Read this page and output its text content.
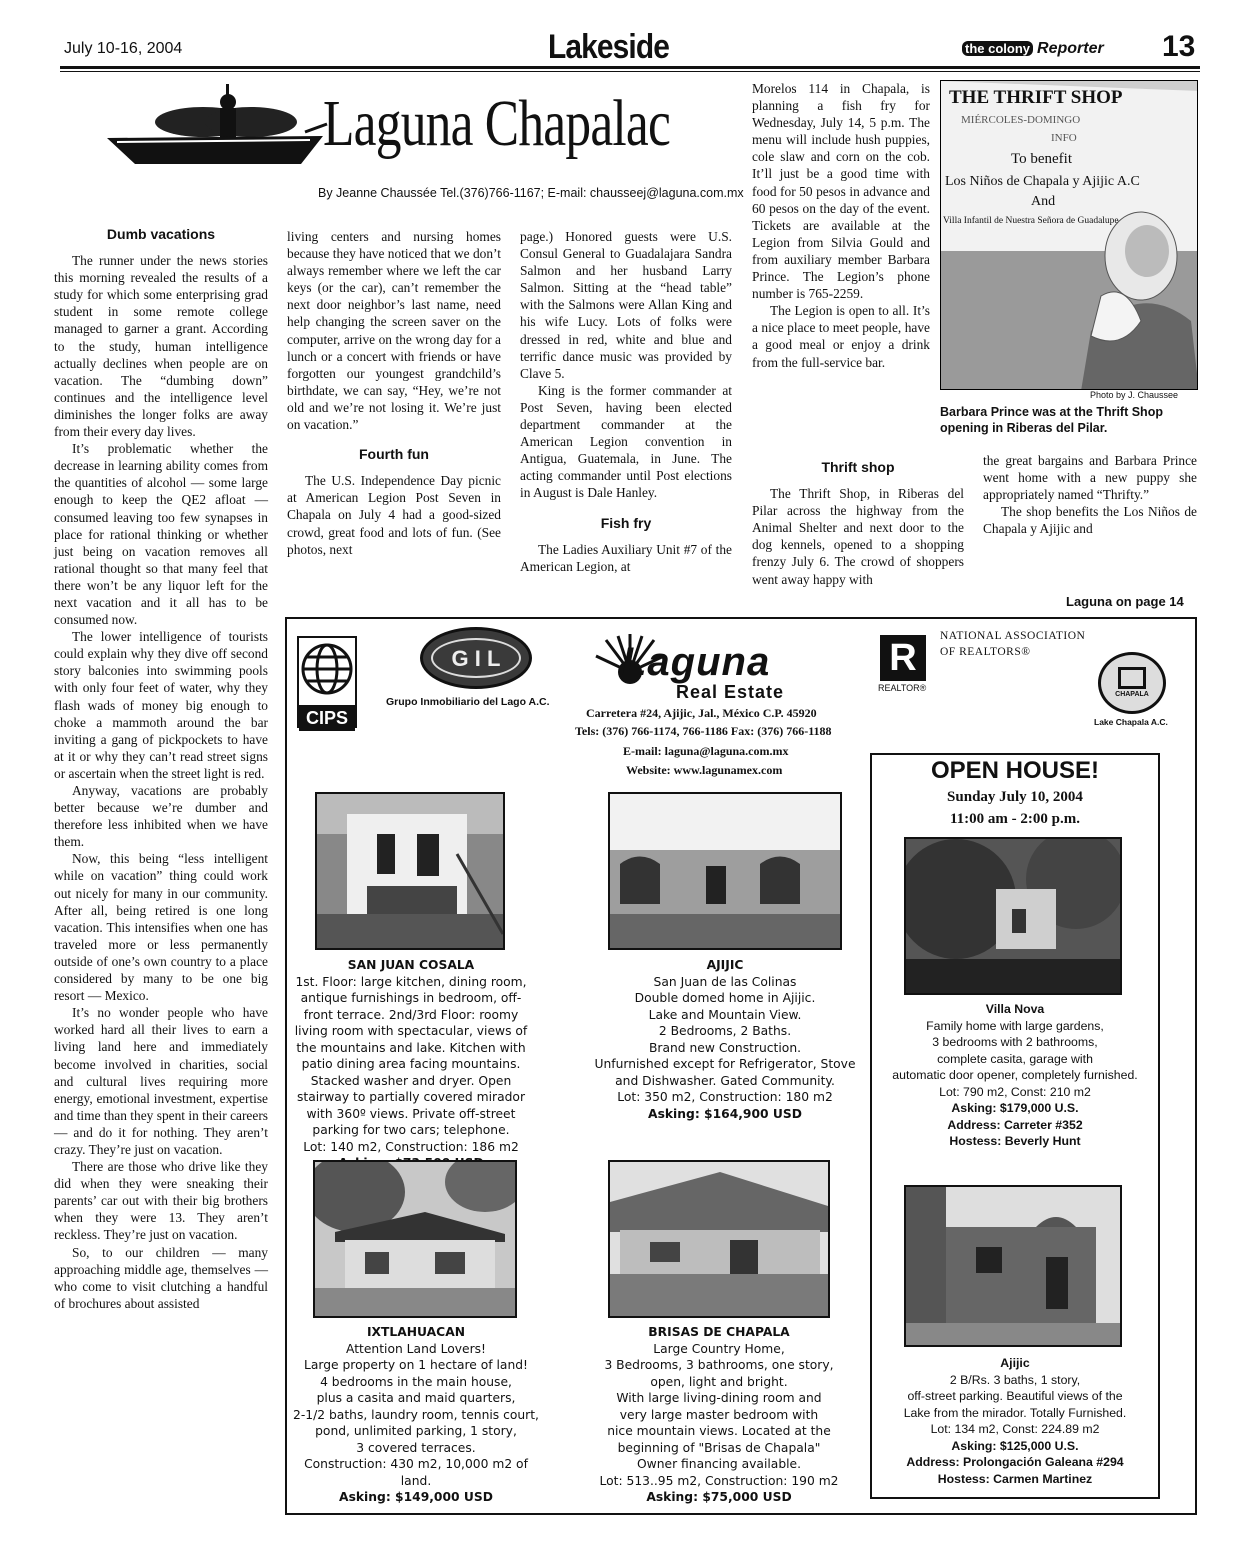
July 10-16, 2004	Lakeside	the colony Reporter 13
Laguna Chapalac
By Jeanne Chaussée Tel.(376)766-1167; E-mail: chausseej@laguna.com.mx
Dumb vacations

The runner under the news stories this morning revealed the results of a study for which some enterprising grad student in some remote college managed to garner a grant. According to the study, human intelligence actually declines when people are on vacation. The “dumbing down” continues and the intelligence level diminishes the longer folks are away from their every day lives.

It’s problematic whether the decrease in learning ability comes from the quantities of alcohol — some large enough to keep the QE2 afloat — consumed leaving too few synapses in place for rational thinking or whether just being on vacation removes all rational thought so that many feel that there won’t be any liquor left for the next vacation and it all has to be consumed now.

The lower intelligence of tourists could explain why they dive off second story balconies into swimming pools with only four feet of water, why they flash wads of money big enough to choke a mammoth around the bar inviting a gang of pickpockets to have at it or why they can’t read street signs or ascertain when the street light is red.

Anyway, vacations are probably better because we’re dumber and therefore less inhibited when we have them.

Now, this being “less intelligent while on vacation” thing could work out nicely for many in our community. After all, being retired is one long vacation. This intensifies when one has traveled more or less permanently outside of one’s own country to a place considered by many to be one big resort — Mexico.

It’s no wonder people who have worked hard all their lives to earn a living land here and immediately become involved in charities, social and cultural lives requiring more energy, emotional investment, expertise and time than they spent in their careers — and do it for nothing. They aren’t crazy. They’re just on vacation.

There are those who drive like they did when they were sneaking their parents’ car out with their big brothers when they were 13. They aren’t reckless. They’re just on vacation.

So, to our children — many approaching middle age, themselves — who come to visit clutching a handful of brochures about assisted

living centers and nursing homes because they have noticed that we don’t always remember where we left the car keys (or the car), can’t remember the next door neighbor’s last name, need help changing the screen saver on the computer, arrive on the wrong day for a lunch or a concert with friends or have forgotten our youngest grandchild’s birthdate, we can say, “Hey, we’re not old and we’re not losing it. We’re just on vacation.”

Fourth fun

The U.S. Independence Day picnic at American Legion Post Seven in Chapala on July 4 had a good-sized crowd, great food and lots of fun. (See photos, next

page.) Honored guests were U.S. Consul General to Guadalajara Sandra Salmon and her husband Larry Salmon. Sitting at the “head table” with the Salmons were Allan King and his wife Lucy. Lots of folks were dressed in red, white and blue and terrific dance music was provided by Clave 5.

King is the former commander at Post Seven, having been elected department commander at the American Legion convention in Antigua, Guatemala, in June. The acting commander until Post elections in August is Dale Hanley.

Fish fry

The Ladies Auxiliary Unit #7 of the American Legion, at

Morelos 114 in Chapala, is planning a fish fry for Wednesday, July 14, 5 p.m. The menu will include hush puppies, cole slaw and corn on the cob. It’ll just be a good time with food for 50 pesos in advance and 60 pesos on the day of the event. Tickets are available at the Legion from Silvia Gould and from auxiliary member Barbara Prince. The Legion’s phone number is 765-2259.

The Legion is open to all. It’s a nice place to meet people, have a good meal or enjoy a drink from the full-service bar.

Thrift shop

The Thrift Shop, in Riberas del Pilar across the highway from the Animal Shelter and next door to the dog kennels, opened to a shopping frenzy July 6. The crowd of shoppers went away happy with

the great bargains and Barbara Prince went home with a new puppy she appropriately named “Thrifty.”

The shop benefits the Los Niños de Chapala y Ajijic and

THE THRIFT SHOP
MIÉRCOLES-DOMINGO
INFO
To benefit
Los Niños de Chapala y Ajijic A.C
And
Villa Infantil de Nuestra Señora de Guadalupe
Photo by J. Chaussee
Barbara Prince was at the Thrift Shop opening in Riberas del Pilar.
Laguna on page 14
CIPS
G I L
Grupo Inmobiliario del Lago A.C.
Laguna
Real Estate
Carretera #24, Ajijic, Jal., México C.P. 45920
Tels: (376) 766-1174, 766-1186 Fax: (376) 766-1188
E-mail: laguna@laguna.com.mx
Website: www.lagunamex.com
R
REALTOR®
NATIONAL ASSOCIATION
OF REALTORS®
CHAPALA
Lake Chapala A.C.
SAN JUAN COSALA
1st. Floor: large kitchen, dining room, antique furnishings in bedroom, off-front terrace. 2nd/3rd Floor: roomy living room with spectacular, views of the mountains and lake. Kitchen with patio dining area facing mountains. Stacked washer and dryer. Open stairway to partially covered mirador with 360º views. Private off-street parking for two cars; telephone.
Lot: 140 m2, Construction: 186 m2
AJIJIC
San Juan de las Colinas
Double domed home in Ajijic.
Lake and Mountain View.
2 Bedrooms, 2 Baths.
Brand new Construction.
Unfurnished except for Refrigerator, Stove and Dishwasher. Gated Community.
Lot: 350 m2, Construction: 180 m2
Asking: $164,900 USD
IXTLAHUACAN
Attention Land Lovers!
Large property on 1 hectare of land!
4 bedrooms in the main house,
plus a casita and maid quarters,
2-1/2 baths, laundry room, tennis court,
pond, unlimited parking, 1 story,
3 covered terraces.
Construction: 430 m2, 10,000 m2 of land.
Asking: $149,000 USD
BRISAS DE CHAPALA
Large Country Home,
3 Bedrooms, 3 bathrooms, one story,
open, light and bright.
With large living-dining room and
very large master bedroom with
nice mountain views. Located at the
beginning of "Brisas de Chapala"
Owner financing available.
Lot: 513..95 m2, Construction: 190 m2
Asking: $75,000 USD
OPEN HOUSE!
Sunday July 10, 2004
11:00 am - 2:00 p.m.
Villa Nova
Family home with large gardens,
3 bedrooms with 2 bathrooms,
complete casita, garage with
automatic door opener, completely furnished.
Lot: 790 m2, Const: 210 m2
Asking: $179,000 U.S.
Address: Carreter #352
Hostess: Beverly Hunt
Ajijic
2 B/Rs. 3 baths, 1 story,
off-street parking. Beautiful views of the
Lake from the mirador. Totally Furnished.
Lot: 134 m2, Const: 224.89 m2
Asking: $125,000 U.S.
Address: Prolongación Galeana #294
Hostess: Carmen Martinez
